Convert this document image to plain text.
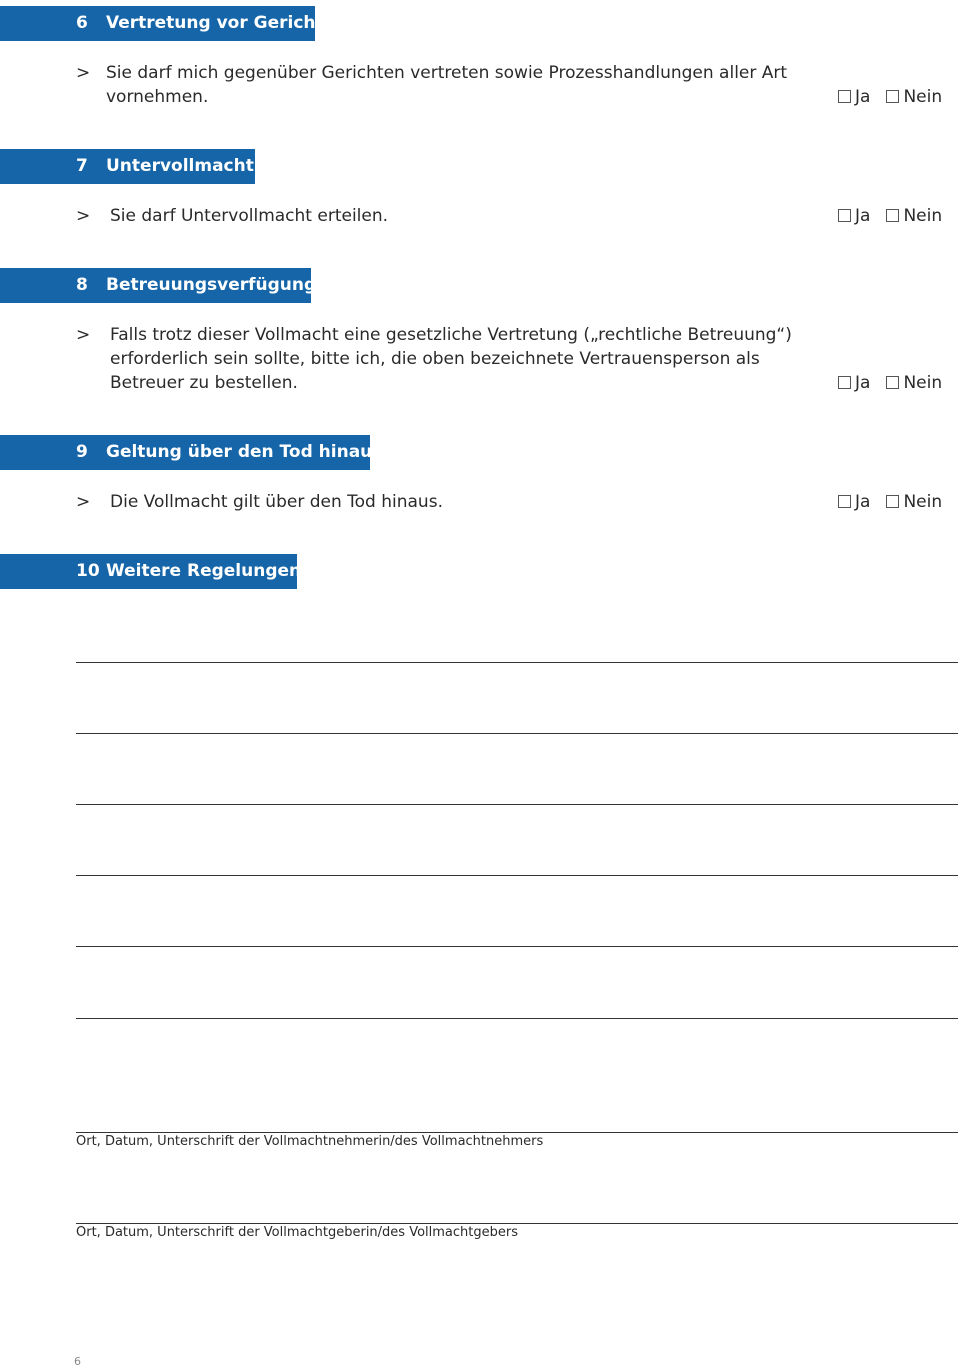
6 Vertretung vor Gericht
> Sie darf mich gegenüber Gerichten vertreten sowie Prozesshandlungen aller Art
vornehmen.	Ja Nein
7 Untervollmacht
> Sie darf Untervollmacht erteilen.	Ja Nein
8 Betreuungsverfügung
> Falls trotz dieser Vollmacht eine gesetzliche Vertretung („rechtliche Betreuung“)
erforderlich sein sollte, bitte ich, die oben bezeichnete Vertrauensperson als
Betreuer zu bestellen.	Ja Nein
9 Geltung über den Tod hinaus
> Die Vollmacht gilt über den Tod hinaus.	Ja Nein
10 Weitere Regelungen
Ort, Datum, Unterschrift der Vollmachtnehmerin/des Vollmachtnehmers
Ort, Datum, Unterschrift der Vollmachtgeberin/des Vollmachtgebers
6
